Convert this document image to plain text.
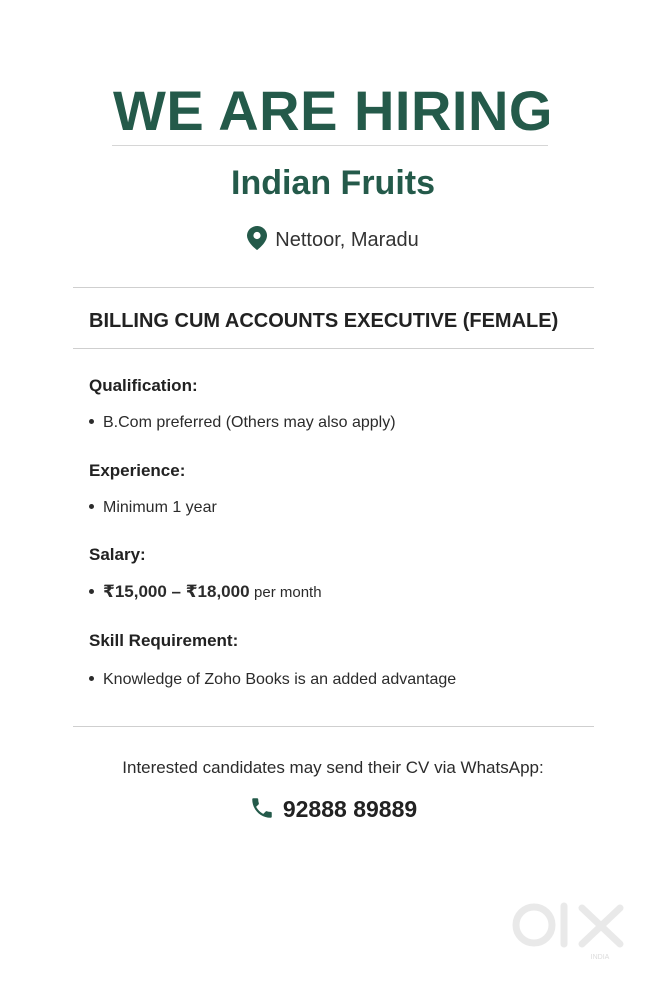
WE ARE HIRING
Indian Fruits
Nettoor, Maradu
BILLING CUM ACCOUNTS EXECUTIVE (FEMALE)
Qualification:
B.Com preferred (Others may also apply)
Experience:
Minimum 1 year
Salary:
₹15,000 – ₹18,000 per month
Skill Requirement:
Knowledge of Zoho Books is an added advantage
Interested candidates may send their CV via WhatsApp:
92888 89889
INDIA
